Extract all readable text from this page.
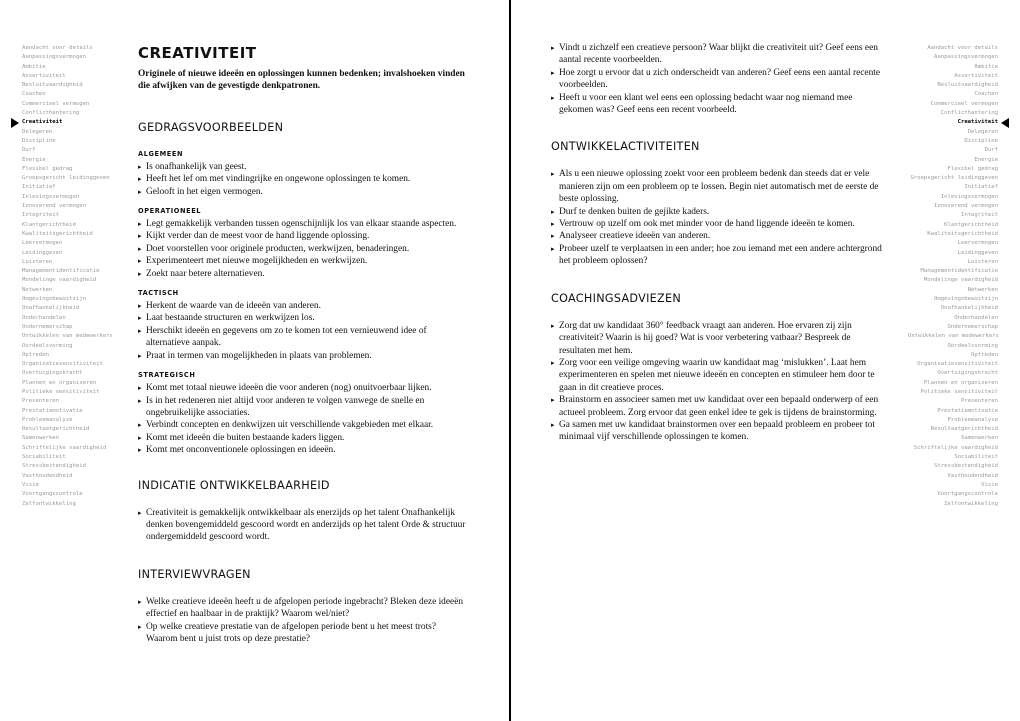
Aandacht voor details
Aanpassingsvermogen
Ambitie
Assertiviteit
Besluitvaardigheid
Coachen
Commercieel vermogen
Conflicthantering
Creativiteit
Delegeren
Discipline
Durf
Energie
Flexibel gedrag
Groepsgericht leidinggeven
Initiatief
Inlevingsvermogen
Innoverend vermogen
Integriteit
Klantgerichtheid
Kwaliteitsgerichtheid
Leervermogen
Leidinggeven
Luisteren
Managementidentificatie
Mondelinge vaardigheid
Netwerken
Omgevingsbewustzijn
Onafhankelijkheid
Onderhandelen
Ondernemerschap
Ontwikkelen van medewerkers
Oordeelsvorming
Optreden
Organisatiesensitiviteit
Overtuigingskracht
Plannen en organiseren
Politieke sensitiviteit
Presenteren
Prestatiemotivatie
Probleemanalyse
Resultaatgerichtheid
Samenwerken
Schriftelijke vaardigheid
Sociabiliteit
Stressbestendigheid
Vasthoudendheid
Visie
Voortgangscontrole
Zelfontwikkeling
CREATIVITEIT

Originele of nieuwe ideeën en oplossingen kunnen bedenken; invalshoeken vinden die afwijken van de gevestigde denkpatronen.

GEDRAGSVOORBEELDEN
ALGEMEEN
▸ Is onafhankelijk van geest.
▸ Heeft het lef om met vindingrijke en ongewone oplossingen te komen.
▸ Gelooft in het eigen vermogen.
OPERATIONEEL
▸ Legt gemakkelijk verbanden tussen ogenschijnlijk los van elkaar staande aspecten.
▸ Kijkt verder dan de meest voor de hand liggende oplossing.
▸ Doet voorstellen voor originele producten, werkwijzen, benaderingen.
▸ Experimenteert met nieuwe mogelijkheden en werkwijzen.
▸ Zoekt naar betere alternatieven.
TACTISCH
▸ Herkent de waarde van de ideeën van anderen.
▸ Laat bestaande structuren en werkwijzen los.
▸ Herschikt ideeën en gegevens om zo te komen tot een vernieuwend idee of alternatieve aanpak.
▸ Praat in termen van mogelijkheden in plaats van problemen.
STRATEGISCH
▸ Komt met totaal nieuwe ideeën die voor anderen (nog) onuitvoerbaar lijken.
▸ Is in het redeneren niet altijd voor anderen te volgen vanwege de snelle en ongebruikelijke associaties.
▸ Verbindt concepten en denkwijzen uit verschillende vakgebieden met elkaar.
▸ Komt met ideeën die buiten bestaande kaders liggen.
▸ Komt met onconventionele oplossingen en ideeën.
INDICATIE ONTWIKKELBAARHEID
▸ Creativiteit is gemakkelijk ontwikkelbaar als enerzijds op het talent Onafhankelijk denken bovengemiddeld gescoord wordt en anderzijds op het talent Orde & structuur ondergemiddeld gescoord wordt.
INTERVIEWVRAGEN
▸ Welke creatieve ideeën heeft u de afgelopen periode ingebracht? Bleken deze ideeën effectief en haalbaar in de praktijk? Waarom wel/niet?
▸ Op welke creatieve prestatie van de afgelopen periode bent u het meest trots? Waarom bent u juist trots op deze prestatie?
Aandacht voor details
Aanpassingsvermogen
Ambitie
Assertiviteit
Besluitvaardigheid
Coachen
Commercieel vermogen
Conflicthantering
Creativiteit
Delegeren
Discipline
Durf
Energie
Flexibel gedrag
Groepsgericht leidinggeven
Initiatief
Inlevingsvermogen
Innoverend vermogen
Integriteit
Klantgerichtheid
Kwaliteitsgerichtheid
Leervermogen
Leidinggeven
Luisteren
Managementidentificatie
Mondelinge vaardigheid
Netwerken
Omgevingsbewustzijn
Onafhankelijkheid
Onderhandelen
Ondernemerschap
Ontwikkelen van medewerkers
Oordeelsvorming
Optreden
Organisatiesensitiviteit
Overtuigingskracht
Plannen en organiseren
Politieke sensitiviteit
Presenteren
Prestatiemotivatie
Probleemanalyse
Resultaatgerichtheid
Samenwerken
Schriftelijke vaardigheid
Sociabiliteit
Stressbestendigheid
Vasthoudendheid
Visie
Voortgangscontrole
Zelfontwikkeling
▸ Vindt u zichzelf een creatieve persoon? Waar blijkt die creativiteit uit? Geef eens een aantal recente voorbeelden.
▸ Hoe zorgt u ervoor dat u zich onderscheidt van anderen? Geef eens een aantal recente voorbeelden.
▸ Heeft u voor een klant wel eens een oplossing bedacht waar nog niemand mee gekomen was? Geef eens een recent voorbeeld.
ONTWIKKELACTIVITEITEN
▸ Als u een nieuwe oplossing zoekt voor een probleem bedenk dan steeds dat er vele manieren zijn om een probleem op te lossen. Begin niet automatisch met de eerste de beste oplossing.
▸ Durf te denken buiten de gejikte kaders.
▸ Vertrouw op uzelf om ook met minder voor de hand liggende ideeën te komen.
▸ Analyseer creatieve ideeën van anderen.
▸ Probeer uzelf te verplaatsen in een ander; hoe zou iemand met een andere achtergrond het probleem oplossen?
COACHINGSADVIEZEN
▸ Zorg dat uw kandidaat 360° feedback vraagt aan anderen. Hoe ervaren zij zijn creativiteit? Waarin is hij goed? Wat is voor verbetering vatbaar? Bespreek de resultaten met hem.
▸ Zorg voor een veilige omgeving waarin uw kandidaat mag ‘mislukken’. Laat hem experimenteren en spelen met nieuwe ideeën en concepten en stimuleer hem door te gaan in dit creatieve proces.
▸ Brainstorm en associeer samen met uw kandidaat over een bepaald onderwerp of een actueel probleem. Zorg ervoor dat geen enkel idee te gek is tijdens de brainstorming.
▸ Ga samen met uw kandidaat brainstormen over een bepaald probleem en probeer tot minimaal vijf verschillende oplossingen te komen.
